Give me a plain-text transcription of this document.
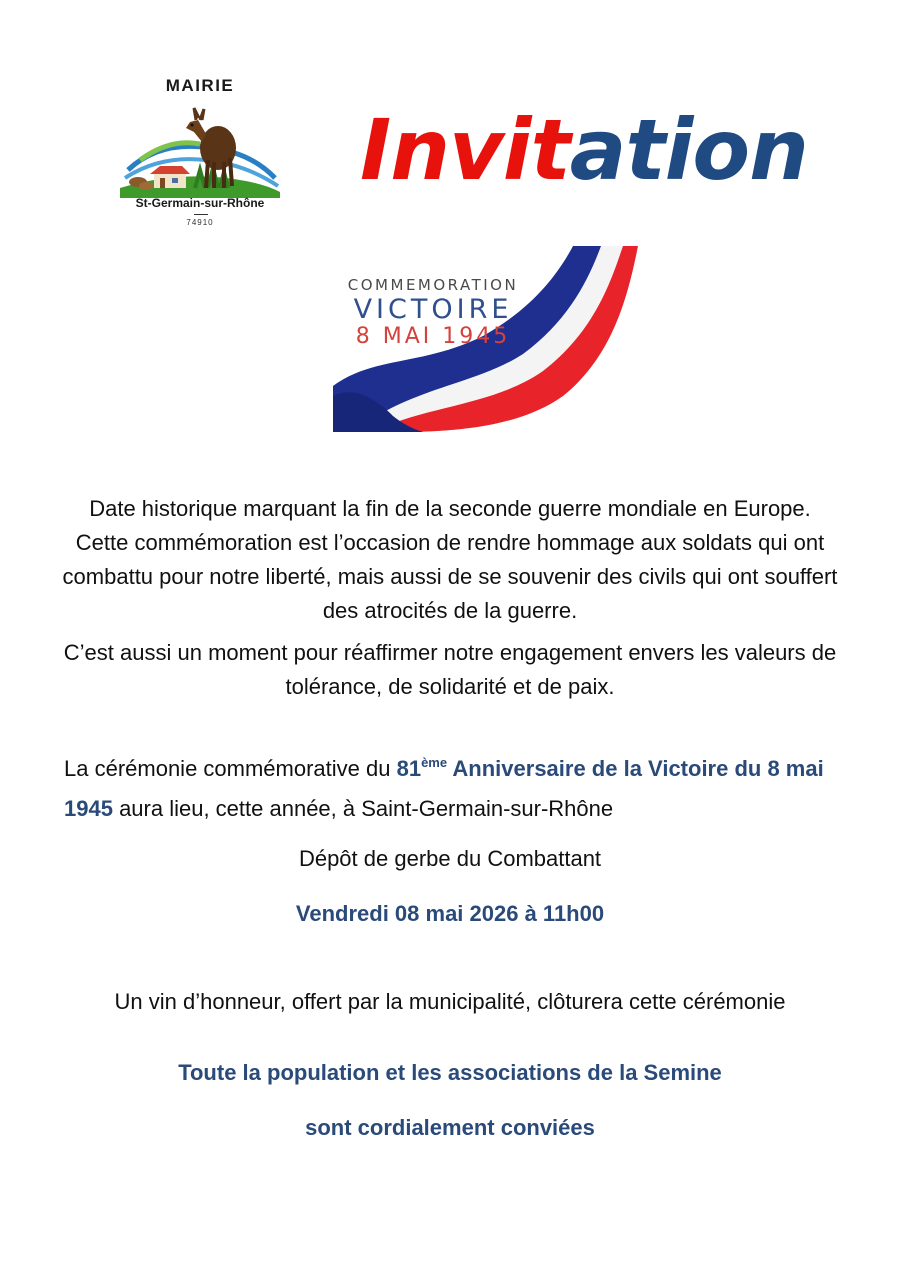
MAIRIE
St-Germain-sur-Rhône
74910
Invitation
COMMEMORATION
VICTOIRE
8 MAI 1945
Date historique marquant la fin de la seconde guerre mondiale en Europe. Cette commémoration est l’occasion de rendre hommage aux soldats qui ont combattu pour notre liberté, mais aussi de se souvenir des civils qui ont souffert des atrocités de la guerre.
C’est aussi un moment pour réaffirmer notre engagement envers les valeurs de tolérance, de solidarité et de paix.
La cérémonie commémorative du 81ème Anniversaire de la Victoire du 8 mai 1945 aura lieu, cette année, à Saint-Germain-sur-Rhône
Dépôt de gerbe du Combattant
Vendredi 08 mai 2026 à 11h00
Un vin d’honneur, offert par la municipalité, clôturera cette cérémonie
Toute la population et les associations de la Semine
sont cordialement conviées
